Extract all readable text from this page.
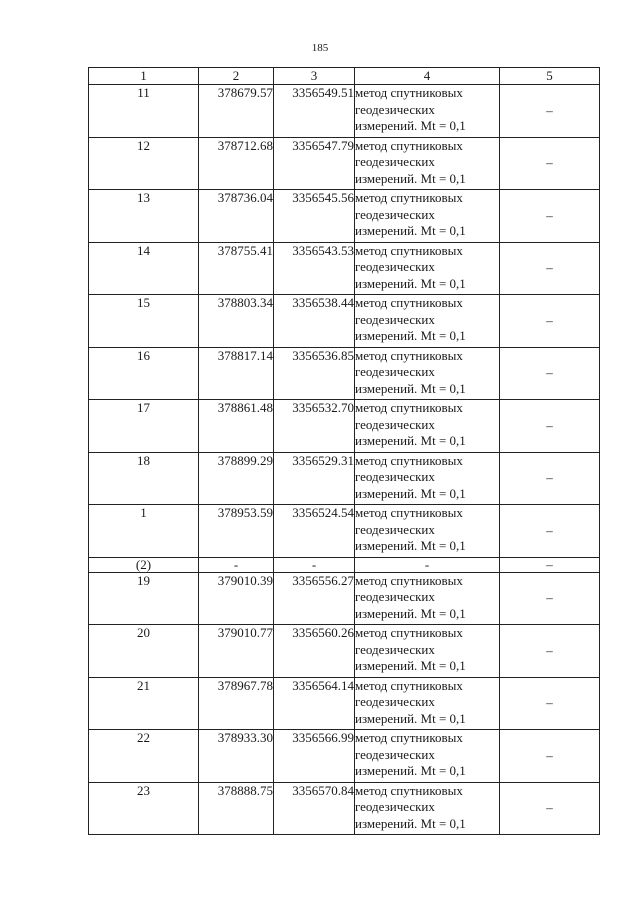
185
1	2	3	4	5
11	378679.57	3356549.51	метод спутниковых
геодезических
измерений. Mt = 0,1	–
12	378712.68	3356547.79	метод спутниковых
геодезических
измерений. Mt = 0,1	–
13	378736.04	3356545.56	метод спутниковых
геодезических
измерений. Mt = 0,1	–
14	378755.41	3356543.53	метод спутниковых
геодезических
измерений. Mt = 0,1	–
15	378803.34	3356538.44	метод спутниковых
геодезических
измерений. Mt = 0,1	–
16	378817.14	3356536.85	метод спутниковых
геодезических
измерений. Mt = 0,1	–
17	378861.48	3356532.70	метод спутниковых
геодезических
измерений. Mt = 0,1	–
18	378899.29	3356529.31	метод спутниковых
геодезических
измерений. Mt = 0,1	–
1	378953.59	3356524.54	метод спутниковых
геодезических
измерений. Mt = 0,1	–
(2)	-	-	-	–
19	379010.39	3356556.27	метод спутниковых
геодезических
измерений. Mt = 0,1	–
20	379010.77	3356560.26	метод спутниковых
геодезических
измерений. Mt = 0,1	–
21	378967.78	3356564.14	метод спутниковых
геодезических
измерений. Mt = 0,1	–
22	378933.30	3356566.99	метод спутниковых
геодезических
измерений. Mt = 0,1	–
23	378888.75	3356570.84	метод спутниковых
геодезических
измерений. Mt = 0,1	–
